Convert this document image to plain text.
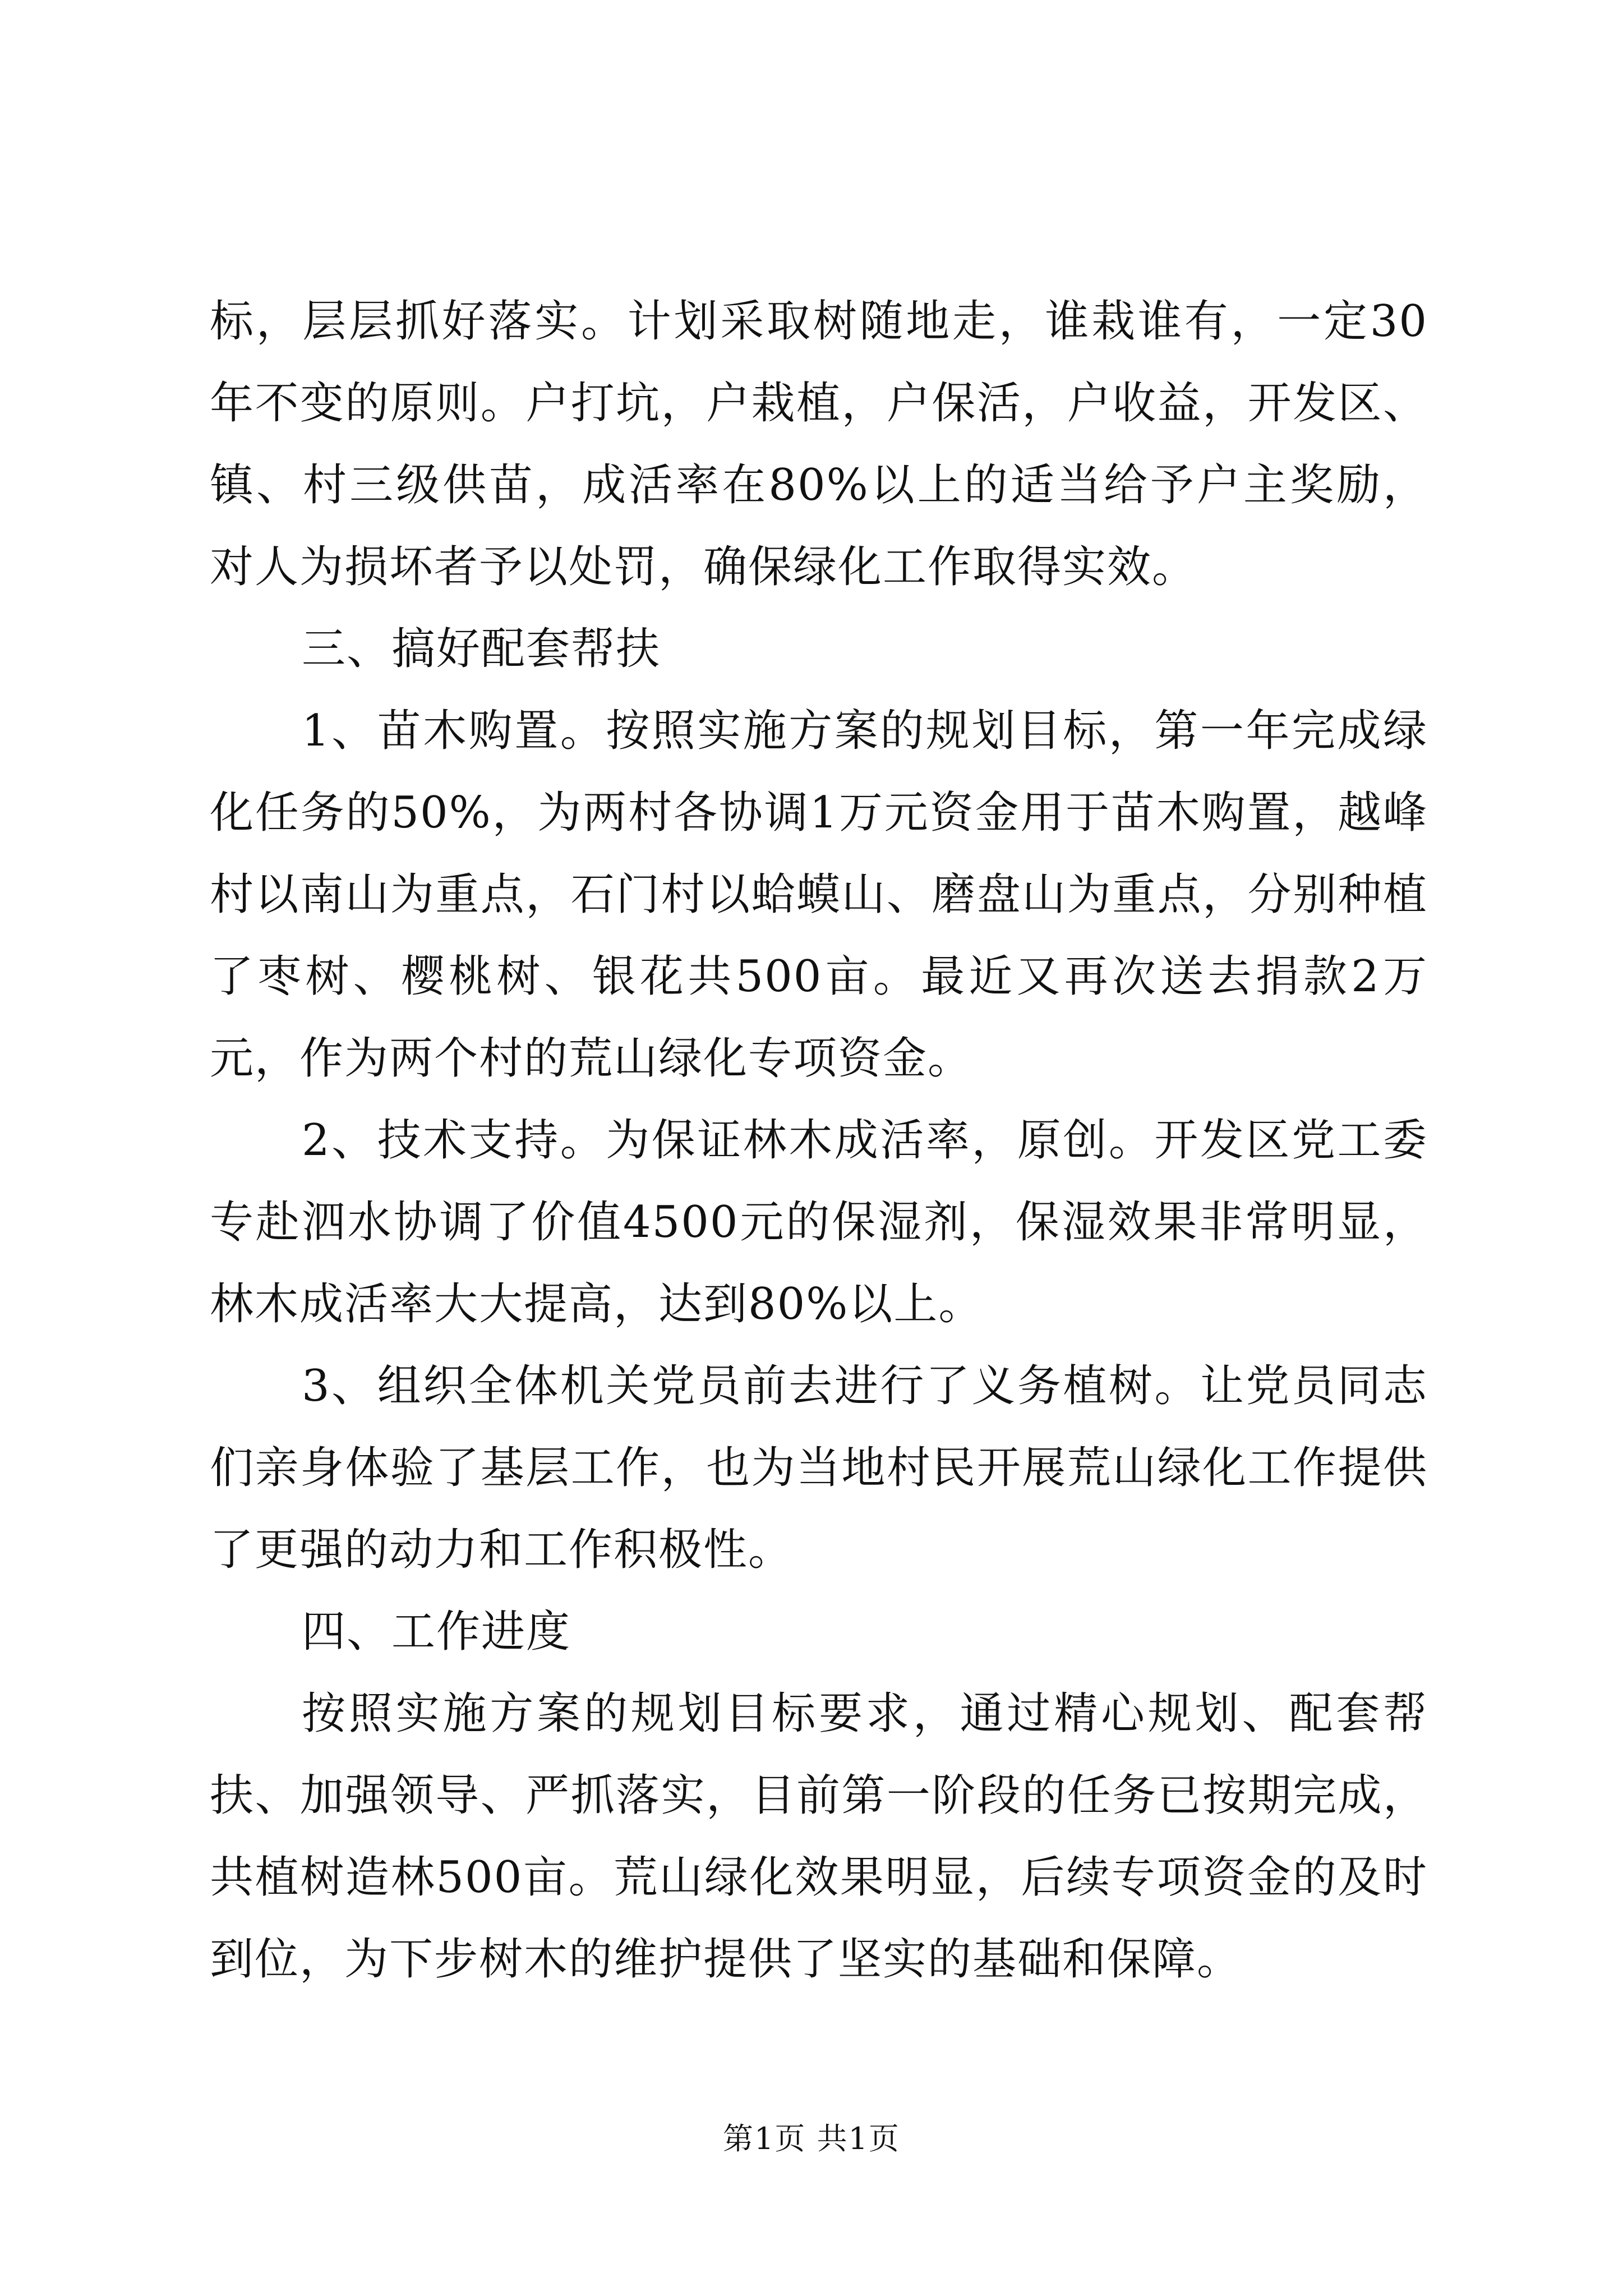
标，层层抓好落实。计划采取树随地走，谁栽谁有，一定30年不变的原则。户打坑，户栽植，户保活，户收益，开发区、镇、村三级供苗，成活率在80%以上的适当给予户主奖励，对人为损坏者予以处罚，确保绿化工作取得实效。

三、搞好配套帮扶

1、苗木购置。按照实施方案的规划目标，第一年完成绿化任务的50%，为两村各协调1万元资金用于苗木购置，越峰村以南山为重点，石门村以蛤蟆山、磨盘山为重点，分别种植了枣树、樱桃树、银花共500亩。最近又再次送去捐款2万元，作为两个村的荒山绿化专项资金。

2、技术支持。为保证林木成活率，原创。开发区党工委专赴泗水协调了价值4500元的保湿剂，保湿效果非常明显，林木成活率大大提高，达到80%以上。

3、组织全体机关党员前去进行了义务植树。让党员同志们亲身体验了基层工作，也为当地村民开展荒山绿化工作提供了更强的动力和工作积极性。

四、工作进度

按照实施方案的规划目标要求，通过精心规划、配套帮扶、加强领导、严抓落实，目前第一阶段的任务已按期完成，共植树造林500亩。荒山绿化效果明显，后续专项资金的及时到位，为下步树木的维护提供了坚实的基础和保障。

第1页 共1页
